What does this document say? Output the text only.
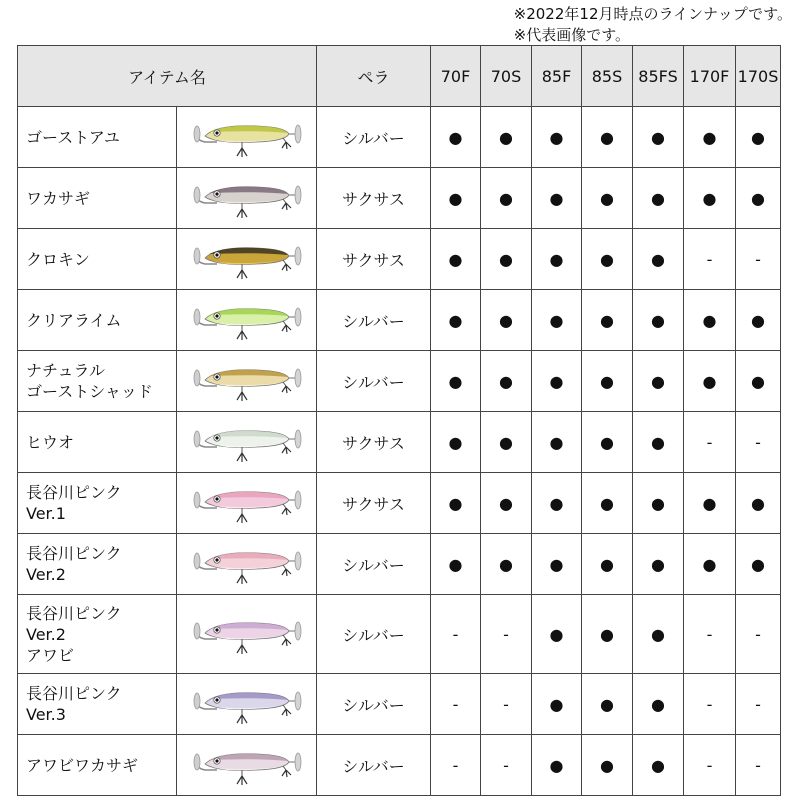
※2022年12月時点のラインナップです。
※代表画像です。
アイテム名		ペラ	70F	70S	85F	85S	85FS	170F	170S
ゴーストアユ		シルバー	●	●	●	●	●	●	●
ワカサギ		サクサス	●	●	●	●	●	●	●
クロキン		サクサス	●	●	●	●	●	-	-
クリアライム		シルバー	●	●	●	●	●	●	●
ナチュラル
ゴーストシャッド		シルバー	●	●	●	●	●	●	●
ヒウオ		サクサス	●	●	●	●	●	-	-
長谷川ピンク
Ver.1		サクサス	●	●	●	●	●	●	●
長谷川ピンク
Ver.2		シルバー	●	●	●	●	●	●	●
長谷川ピンク
Ver.2
アワビ		シルバー	-	-	●	●	●	-	-
長谷川ピンク
Ver.3		シルバー	-	-	●	●	●	-	-
アワビワカサギ		シルバー	-	-	●	●	●	-	-
